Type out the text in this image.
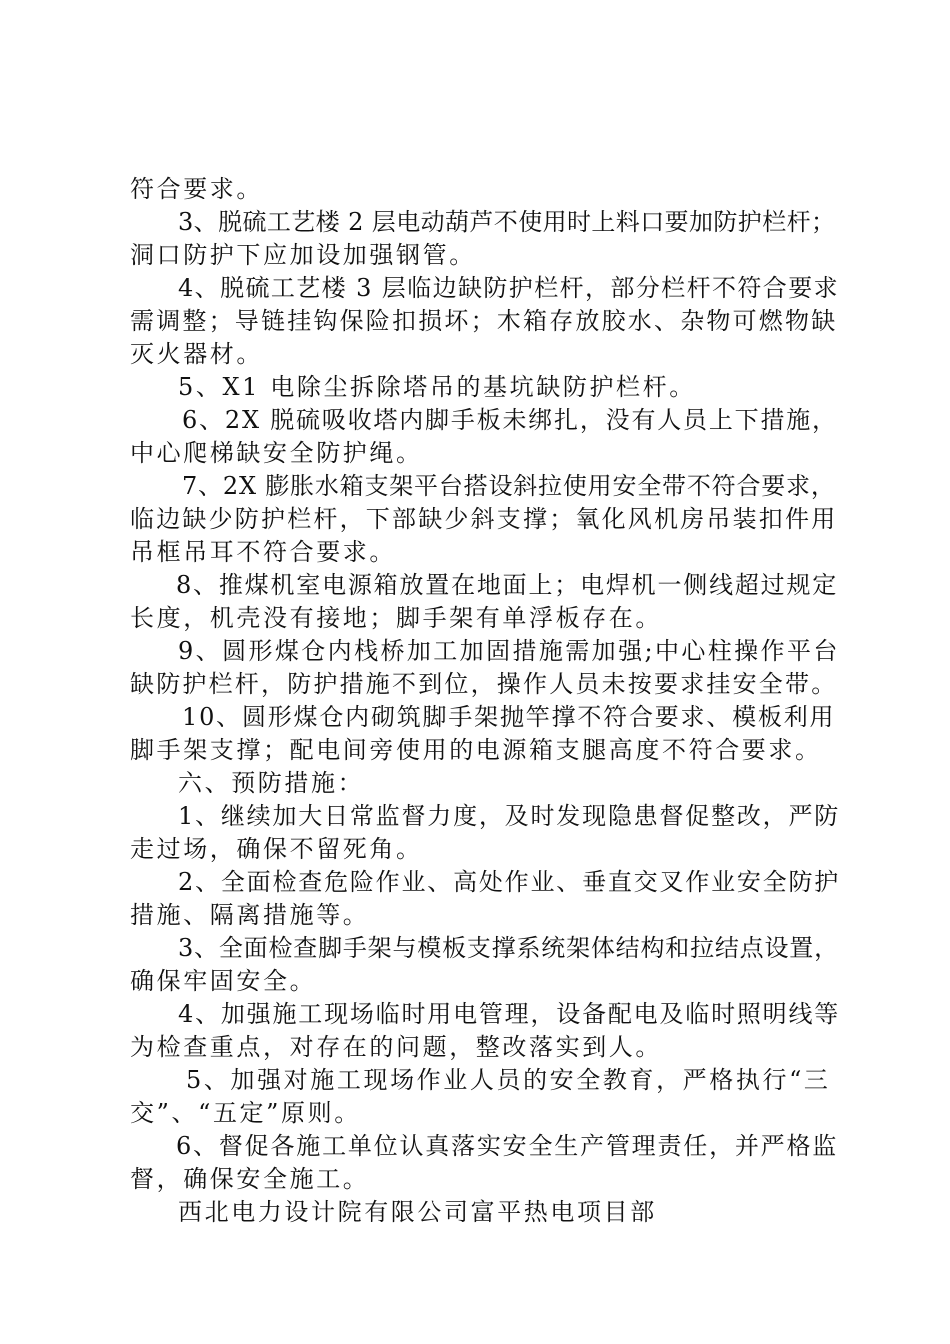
符合要求。
3、脱硫工艺楼 2 层电动葫芦不使用时上料口要加防护栏杆；
洞口防护下应加设加强钢管。
4、脱硫工艺楼 3 层临边缺防护栏杆，部分栏杆不符合要求
需调整；导链挂钩保险扣损坏；木箱存放胶水、杂物可燃物缺
灭火器材。
5、X1 电除尘拆除塔吊的基坑缺防护栏杆。
6、2X 脱硫吸收塔内脚手板未绑扎，没有人员上下措施，
中心爬梯缺安全防护绳。
7、2X 膨胀水箱支架平台搭设斜拉使用安全带不符合要求，
临边缺少防护栏杆，下部缺少斜支撑；氧化风机房吊装扣件用
吊框吊耳不符合要求。
8、推煤机室电源箱放置在地面上；电焊机一侧线超过规定
长度，机壳没有接地；脚手架有单浮板存在。
9、圆形煤仓内栈桥加工加固措施需加强;中心柱操作平台
缺防护栏杆，防护措施不到位，操作人员未按要求挂安全带。
10、圆形煤仓内砌筑脚手架抛竿撑不符合要求、模板利用
脚手架支撑；配电间旁使用的电源箱支腿高度不符合要求。
六、预防措施：
1、继续加大日常监督力度，及时发现隐患督促整改，严防
走过场，确保不留死角。
2、全面检查危险作业、高处作业、垂直交叉作业安全防护
措施、隔离措施等。
3、全面检查脚手架与模板支撑系统架体结构和拉结点设置，
确保牢固安全。
4、加强施工现场临时用电管理，设备配电及临时照明线等
为检查重点，对存在的问题，整改落实到人。
5、加强对施工现场作业人员的安全教育，严格执行“三
交”、“五定”原则。
6、督促各施工单位认真落实安全生产管理责任，并严格监
督，确保安全施工。
西北电力设计院有限公司富平热电项目部
